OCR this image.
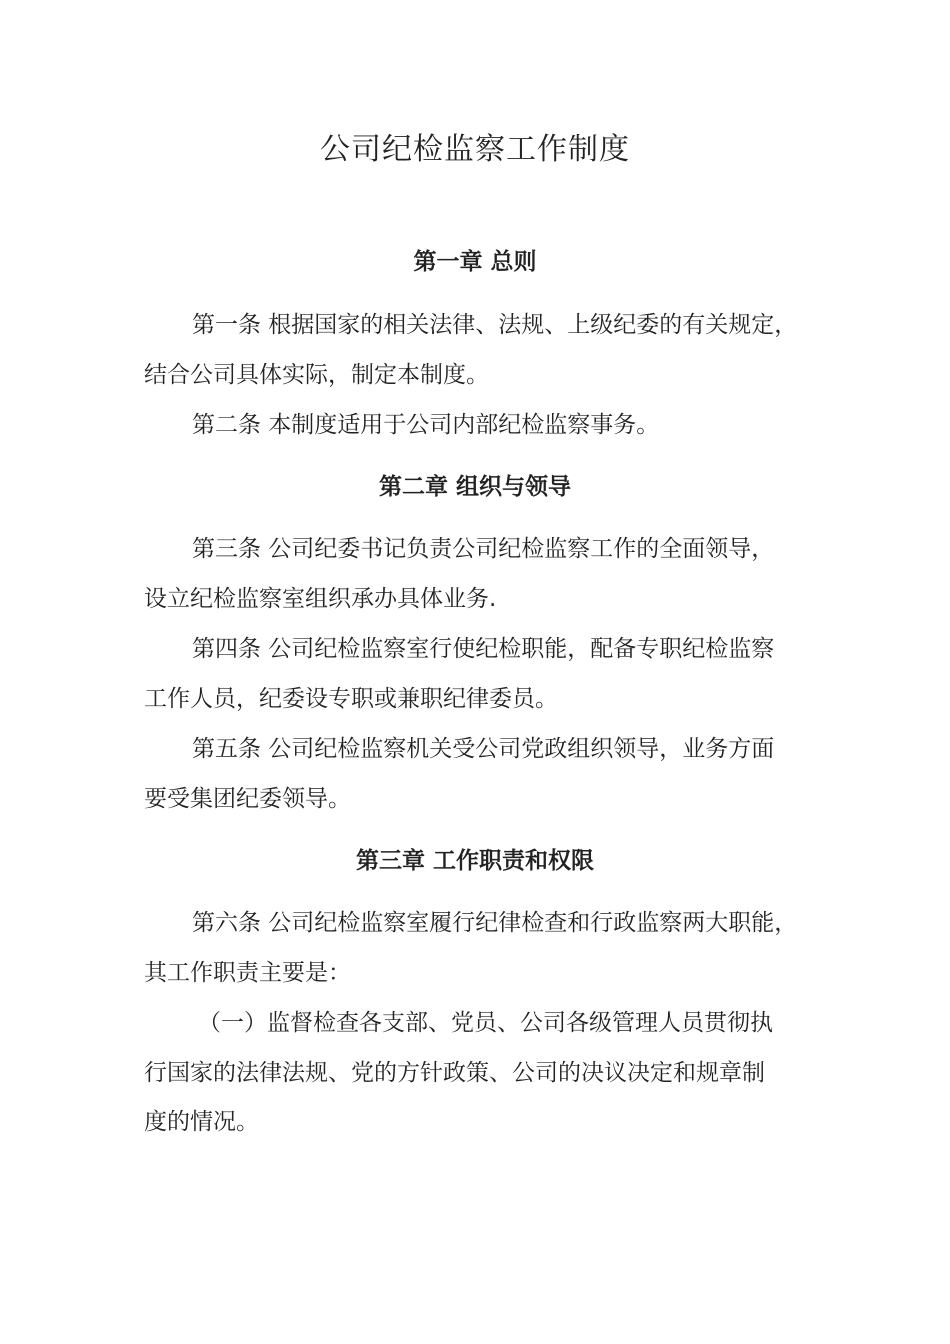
公司纪检监察工作制度
第一章 总则
第一条 根据国家的相关法律、法规、上级纪委的有关规定，
结合公司具体实际，制定本制度。
第二条 本制度适用于公司内部纪检监察事务。
第二章 组织与领导
第三条 公司纪委书记负责公司纪检监察工作的全面领导，
设立纪检监察室组织承办具体业务.
第四条 公司纪检监察室行使纪检职能，配备专职纪检监察
工作人员，纪委设专职或兼职纪律委员。
第五条 公司纪检监察机关受公司党政组织领导，业务方面
要受集团纪委领导。
第三章 工作职责和权限
第六条 公司纪检监察室履行纪律检查和行政监察两大职能，
其工作职责主要是：
（一）监督检查各支部、党员、公司各级管理人员贯彻执
行国家的法律法规、党的方针政策、公司的决议决定和规章制
度的情况。
